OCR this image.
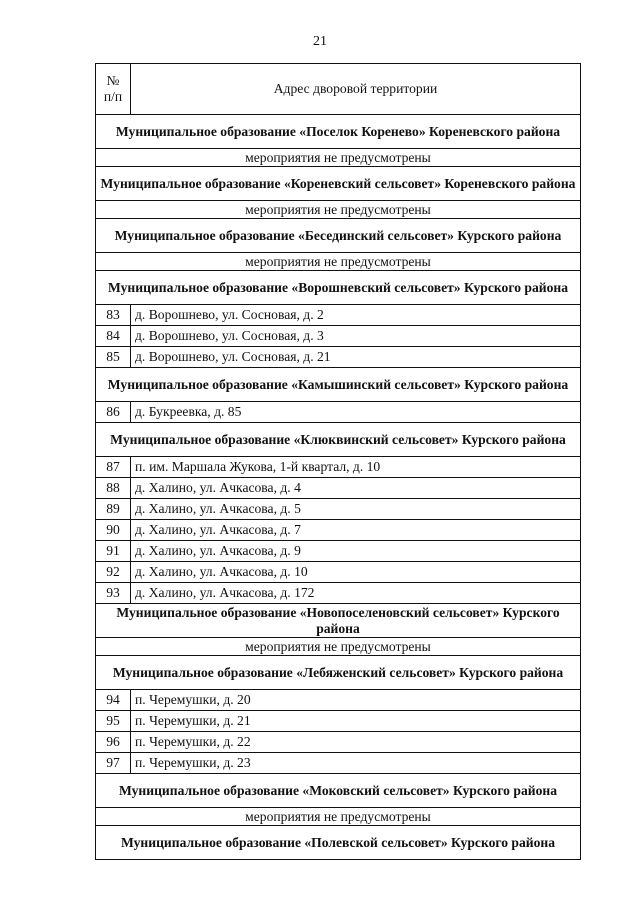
21
№ п/п	Адрес дворовой территории
Муниципальное образование «Поселок Коренево» Кореневского района	
мероприятия не предусмотрены	
Муниципальное образование «Кореневский сельсовет» Кореневского района	
мероприятия не предусмотрены	
Муниципальное образование «Бесединский сельсовет» Курского района	
мероприятия не предусмотрены	
Муниципальное образование «Ворошневский сельсовет» Курского района	
83	д. Ворошнево, ул. Сосновая, д. 2
84	д. Ворошнево, ул. Сосновая, д. 3
85	д. Ворошнево, ул. Сосновая, д. 21
Муниципальное образование «Камышинский сельсовет» Курского района	
86	д. Букреевка, д. 85
Муниципальное образование «Клюквинский сельсовет» Курского района	
87	п. им. Маршала Жукова, 1-й квартал, д. 10
88	д. Халино, ул. Ачкасова, д. 4
89	д. Халино, ул. Ачкасова, д. 5
90	д. Халино, ул. Ачкасова, д. 7
91	д. Халино, ул. Ачкасова, д. 9
92	д. Халино, ул. Ачкасова, д. 10
93	д. Халино, ул. Ачкасова, д. 172
Муниципальное образование «Новопоселеновский сельсовет» Курского района	
мероприятия не предусмотрены	
Муниципальное образование «Лебяженский сельсовет» Курского района	
94	п. Черемушки, д. 20
95	п. Черемушки, д. 21
96	п. Черемушки, д. 22
97	п. Черемушки, д. 23
Муниципальное образование «Моковский сельсовет» Курского района	
мероприятия не предусмотрены	
Муниципальное образование «Полевской сельсовет» Курского района	
